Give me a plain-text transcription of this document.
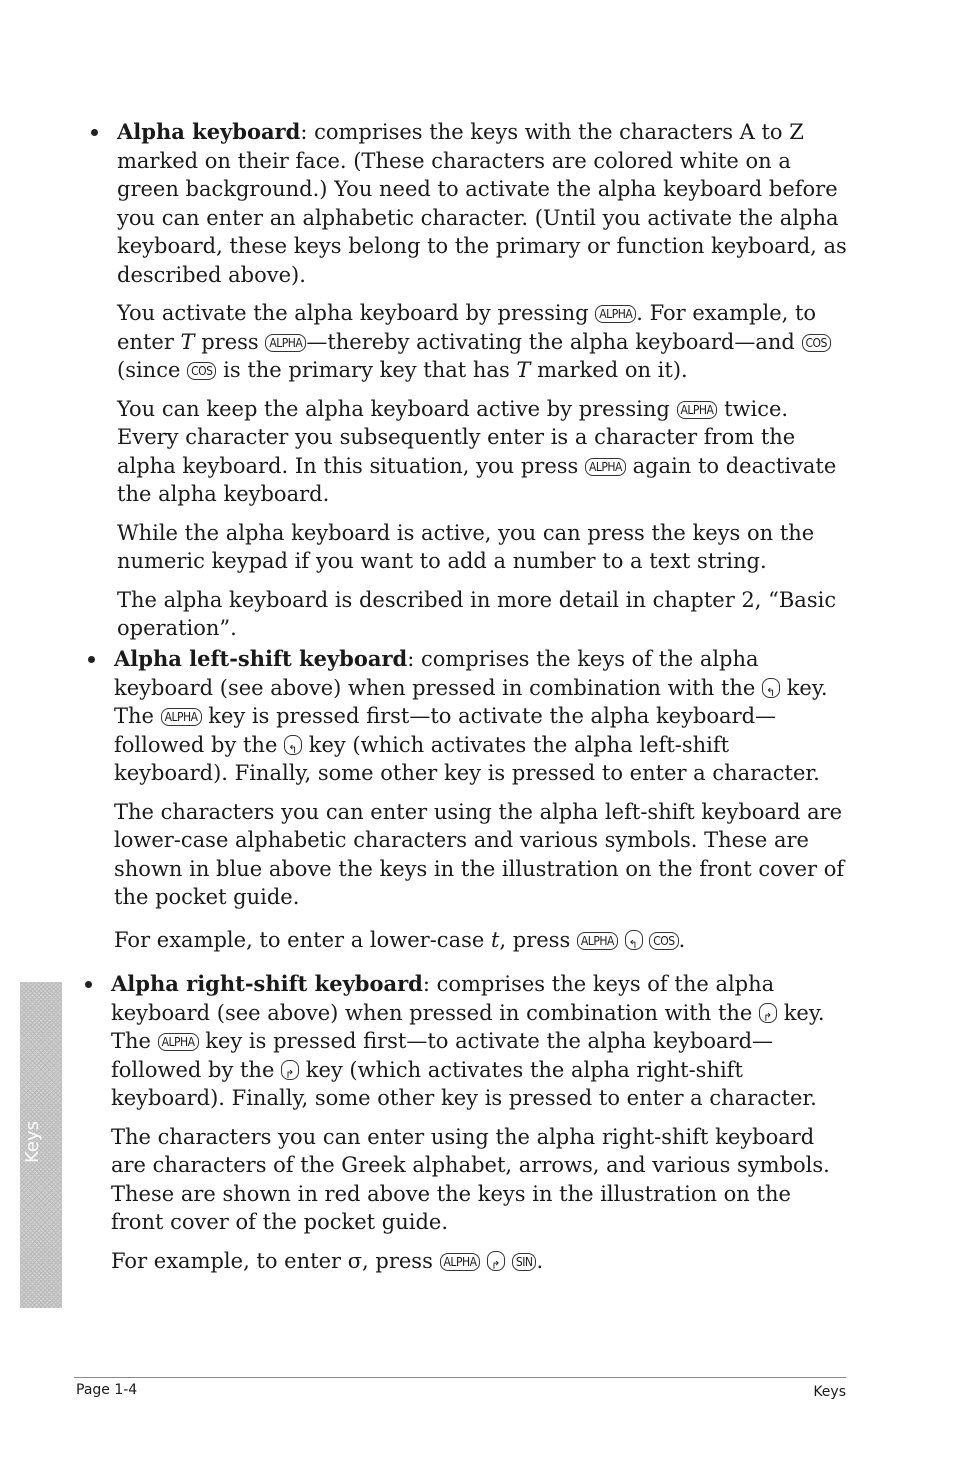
Alpha keyboard: comprises the keys with the characters A to Z marked on their face. (These characters are colored white on a green background.) You need to activate the alpha keyboard before you can enter an alphabetic character. (Until you activate the alpha keyboard, these keys belong to the primary or function keyboard, as described above).

You activate the alpha keyboard by pressing ALPHA . For example, to enter T press ALPHA —thereby activating the alpha keyboard—and COS (since COS is the primary key that has T marked on it).

You can keep the alpha keyboard active by pressing ALPHA twice. Every character you subsequently enter is a character from the alpha keyboard. In this situation, you press ALPHA again to deactivate the alpha keyboard.

While the alpha keyboard is active, you can press the keys on the numeric keypad if you want to add a number to a text string.

The alpha keyboard is described in more detail in chapter 2, “Basic operation”.

Alpha left-shift keyboard: comprises the keys of the alpha keyboard (see above) when pressed in combination with the ↰ key. The ALPHA key is pressed first—to activate the alpha keyboard—followed by the ↰ key (which activates the alpha left-shift keyboard). Finally, some other key is pressed to enter a character.

The characters you can enter using the alpha left-shift keyboard are lower-case alphabetic characters and various symbols. These are shown in blue above the keys in the illustration on the front cover of the pocket guide.

For example, to enter a lower-case t, press ALPHA ↰	COS .

Alpha right-shift keyboard: comprises the keys of the alpha keyboard (see above) when pressed in combination with the ↱ key. The ALPHA key is pressed first—to activate the alpha keyboard—followed by the ↱ key (which activates the alpha right-shift keyboard). Finally, some other key is pressed to enter a character.

The characters you can enter using the alpha right-shift keyboard are characters of the Greek alphabet, arrows, and various symbols. These are shown in red above the keys in the illustration on the front cover of the pocket guide.

For example, to enter σ, press ALPHA ↱	SIN .

Keys
Page 1-4	Keys
